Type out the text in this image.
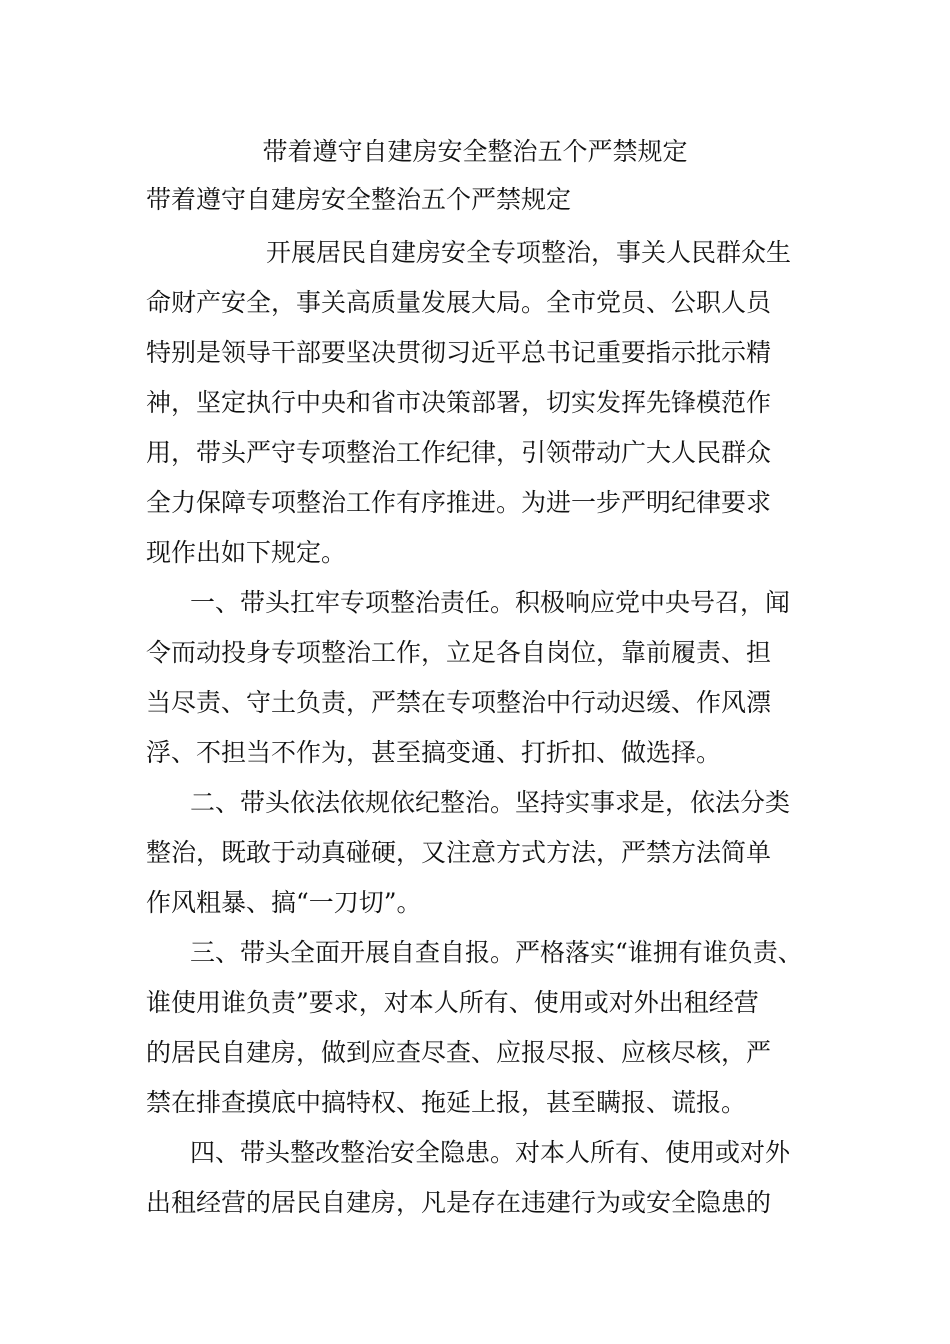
带着遵守自建房安全整治五个严禁规定
带着遵守自建房安全整治五个严禁规定
开展居民自建房安全专项整治，事关人民群众生
命财产安全，事关高质量发展大局。全市党员、公职人员
特别是领导干部要坚决贯彻习近平总书记重要指示批示精
神，坚定执行中央和省市决策部署，切实发挥先锋模范作
用，带头严守专项整治工作纪律，引领带动广大人民群众
全力保障专项整治工作有序推进。为进一步严明纪律要求
现作出如下规定。
一、带头扛牢专项整治责任。积极响应党中央号召，闻
令而动投身专项整治工作，立足各自岗位，靠前履责、担
当尽责、守土负责，严禁在专项整治中行动迟缓、作风漂
浮、不担当不作为，甚至搞变通、打折扣、做选择。
二、带头依法依规依纪整治。坚持实事求是，依法分类
整治，既敢于动真碰硬，又注意方式方法，严禁方法简单
作风粗暴、搞“一刀切”。
三、带头全面开展自查自报。严格落实“谁拥有谁负责、
谁使用谁负责”要求，对本人所有、使用或对外出租经营
的居民自建房，做到应查尽查、应报尽报、应核尽核，严
禁在排查摸底中搞特权、拖延上报，甚至瞒报、谎报。
四、带头整改整治安全隐患。对本人所有、使用或对外
出租经营的居民自建房，凡是存在违建行为或安全隐患的
